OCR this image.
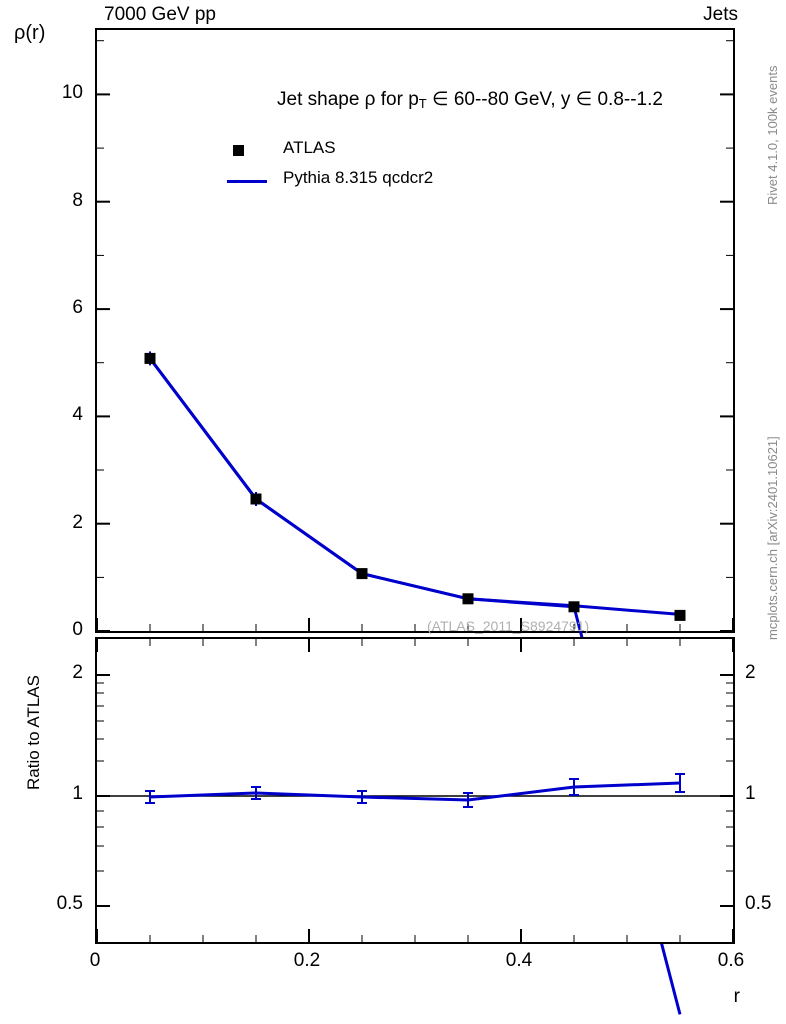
7000 GeV pp	Jets
Rivet 4.1.0, 100k events
mcplots.cern.ch [arXiv:2401.10621]
ρ(r)
Jet shape ρ for $p_T$ ∈ 60--80 GeV, y ∈ 0.8--1.2
(ATLAS_2011_S8924791)
ATLAS
Pythia 8.315 qcdcr2
0
2
4
6
8
10
0.5
1
2
0.5
1
2
Ratio to ATLAS
0	0.2	0.4	0.6
r
